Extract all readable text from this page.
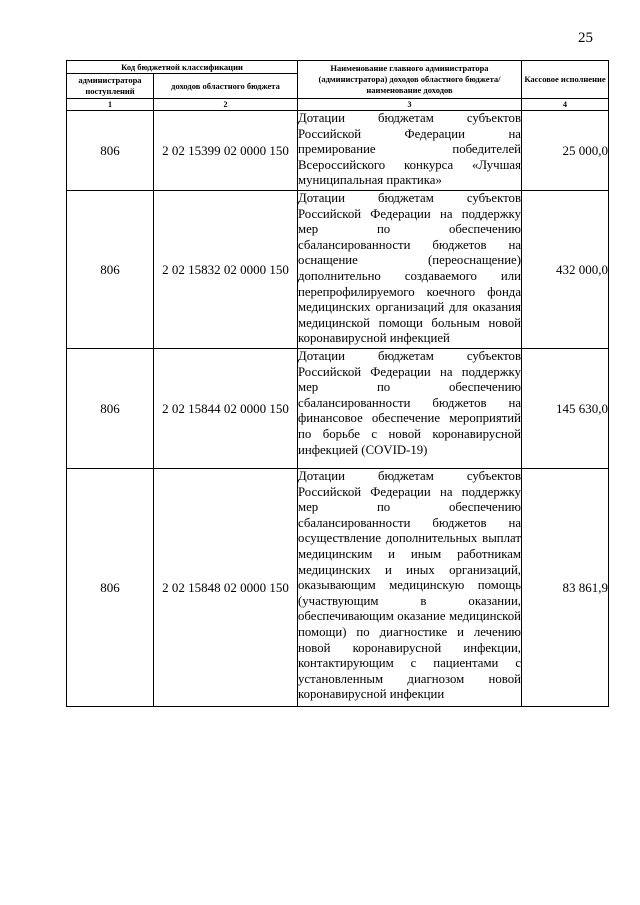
25
Код бюджетной классификации		Наименование главного администратора (администратора) доходов областного бюджета/ наименование доходов	Кассовое исполнение
администратора поступлений	доходов областного бюджета		
1	2	3	4
806	2 02 15399 02 0000 150	Дотации бюджетам субъектов Российской Федерации на премирование победителей Всероссийского конкурса «Лучшая муниципальная практика»	25 000,0
806	2 02 15832 02 0000 150	Дотации бюджетам субъектов Российской Федерации на поддержку мер по обеспечению сбалансированности бюджетов на оснащение (переоснащение) дополнительно создаваемого или перепрофилируемого коечного фонда медицинских организаций для оказания медицинской помощи больным новой коронавирусной инфекцией	432 000,0
806	2 02 15844 02 0000 150	Дотации бюджетам субъектов Российской Федерации на поддержку мер по обеспечению сбалансированности бюджетов на финансовое обеспечение мероприятий по борьбе с новой коронавирусной инфекцией (COVID-19)	145 630,0
806	2 02 15848 02 0000 150	Дотации бюджетам субъектов Российской Федерации на поддержку мер по обеспечению сбалансированности бюджетов на осуществление дополнительных выплат медицинским и иным работникам медицинских и иных организаций, оказывающим медицинскую помощь (участвующим в оказании, обеспечивающим оказание медицинской помощи) по диагностике и лечению новой коронавирусной инфекции, контактирующим с пациентами с установленным диагнозом новой коронавирусной инфекции	83 861,9
